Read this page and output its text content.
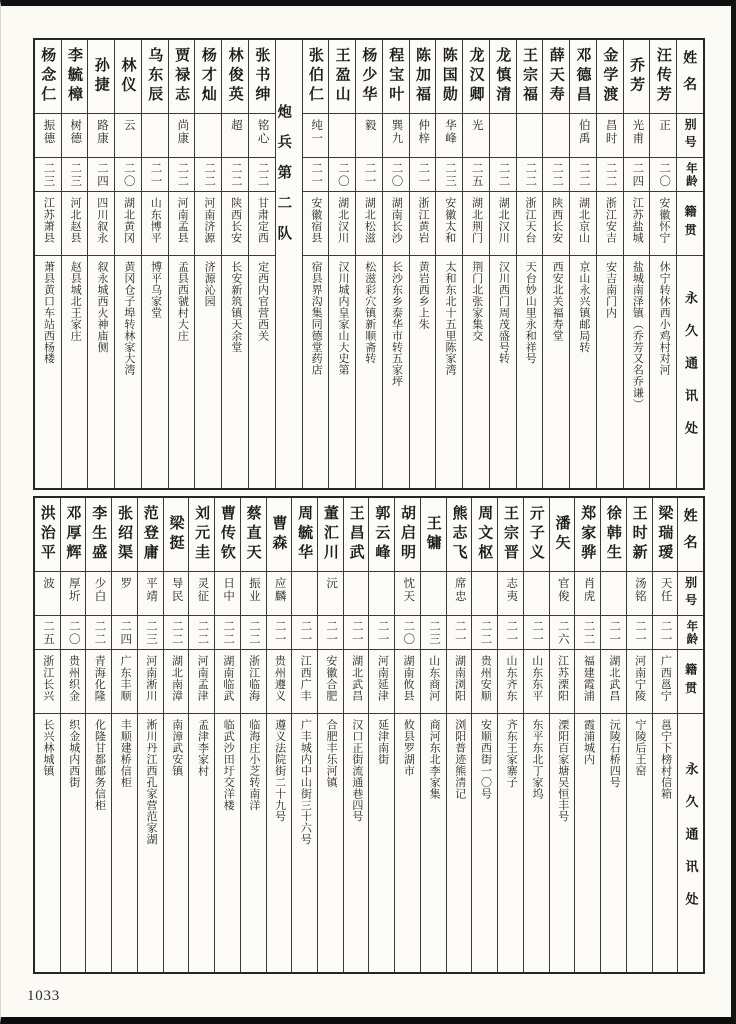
姓名
别号
年龄
籍贯
永久通讯处
汪传芳
正
二〇
安徽怀宁
休宁转休西小鸡村对河
乔芳
光甫
二四
江苏盐城
盐城南泽镇（乔芳又名乔谦）
金学渡
昌时
二二
浙江安吉
安吉南门内
邓德昌
伯禹
二二
湖北京山
京山永兴镇邮局转
薛天寿
二二
陕西长安
西安北关福寿堂
王宗福
二二
浙江天台
天台妙山里永和祥号
龙慎清
二二
湖北汉川
汉川西门周茂盛号转
龙汉卿
光
二五
湖北荆门
荆门北张家集交
陈国勋
华峰
二三
安徽太和
太和东北十五里陈家湾
陈加福
仲梓
二一
浙江黄岩
黄岩西乡上朱
程宝叶
巽九
二〇
湖南长沙
长沙东乡泰华市转五家坪
杨少华
毅
二一
湖北松滋
松滋彩穴镇新顺斋转
王盈山
二〇
湖北汉川
汉川城内皇家山大史第
张伯仁
纯一
二一
安徽宿县
宿县界沟集同德堂药店
炮兵第二队
张书绅
铭心
二二
甘肃定西
定西内官营西关
林俊英
超
二二
陕西长安
长安新筑镇天余堂
杨才灿
二二
河南济源
济源沁园
贾禄志
尚康
二二
河南孟县
孟县西虢村大庄
乌东辰
二一
山东博平
博平乌家堂
林仪
云
二〇
湖北黄冈
黄冈仓子埠转林家大湾
孙捷
路康
二四
四川叙永
叙永城西火神庙侧
李毓樟
树德
二三
河北赵县
赵县城北王家庄
杨念仁
振德
二三
江苏萧县
萧县黄口车站西杨楼
姓名
别号
年龄
籍贯
永久通讯处
梁瑞瑷
天任
二一
广西邕宁
邕宁下榜村信箱
王时新
汤铭
二一
河南宁陵
宁陵后王窑
徐韩生
二一
湖北武昌
沅陵石桥四号
郑家骅
肖虎
二二
福建霞浦
霞浦城内
潘矢
官俊
二六
江苏溧阳
溧阳百家塘吴恒丰号
亓子义
二一
山东东平
东平东北丁家坞
王宗晋
志夷
二一
山东齐东
齐东王家寨子
周文枢
二二
贵州安顺
安顺西街一〇号
熊志飞
席忠
二一
湖南浏阳
浏阳普迹熊清记
王镛
二三
山东商河
商河东北李家集
胡启明
忱天
二〇
湖南攸县
攸县罗湖市
郭云峰
二一
河南延津
延津南街
王昌武
二一
湖北武昌
汉口正街流通巷四号
董汇川
沅
二一
安徽合肥
合肥丰乐河镇
周毓华
二一
江西广丰
广丰城内中山街三十六号
曹森
应麟
二一
贵州遵义
遵义法院街二十九号
蔡直天
振业
二二
浙江临海
临海庄小芝转南洋
曹传钦
日中
二二
湖南临武
临武沙田圩交洋楼
刘元圭
灵征
二二
河南孟津
孟津李家村
梁挺
导民
二二
湖北南漳
南漳武安镇
范登庸
平靖
二三
河南淅川
淅川丹江西孔家营范家湖
张绍渠
罗
二四
广东丰顺
丰顺建桥信柜
李生盛
少白
二二
青海化隆
化隆甘都邮务信柜
邓厚辉
厚圻
二〇
贵州织金
织金城内西街
洪治平
波
二五
浙江长兴
长兴林城镇
1033
